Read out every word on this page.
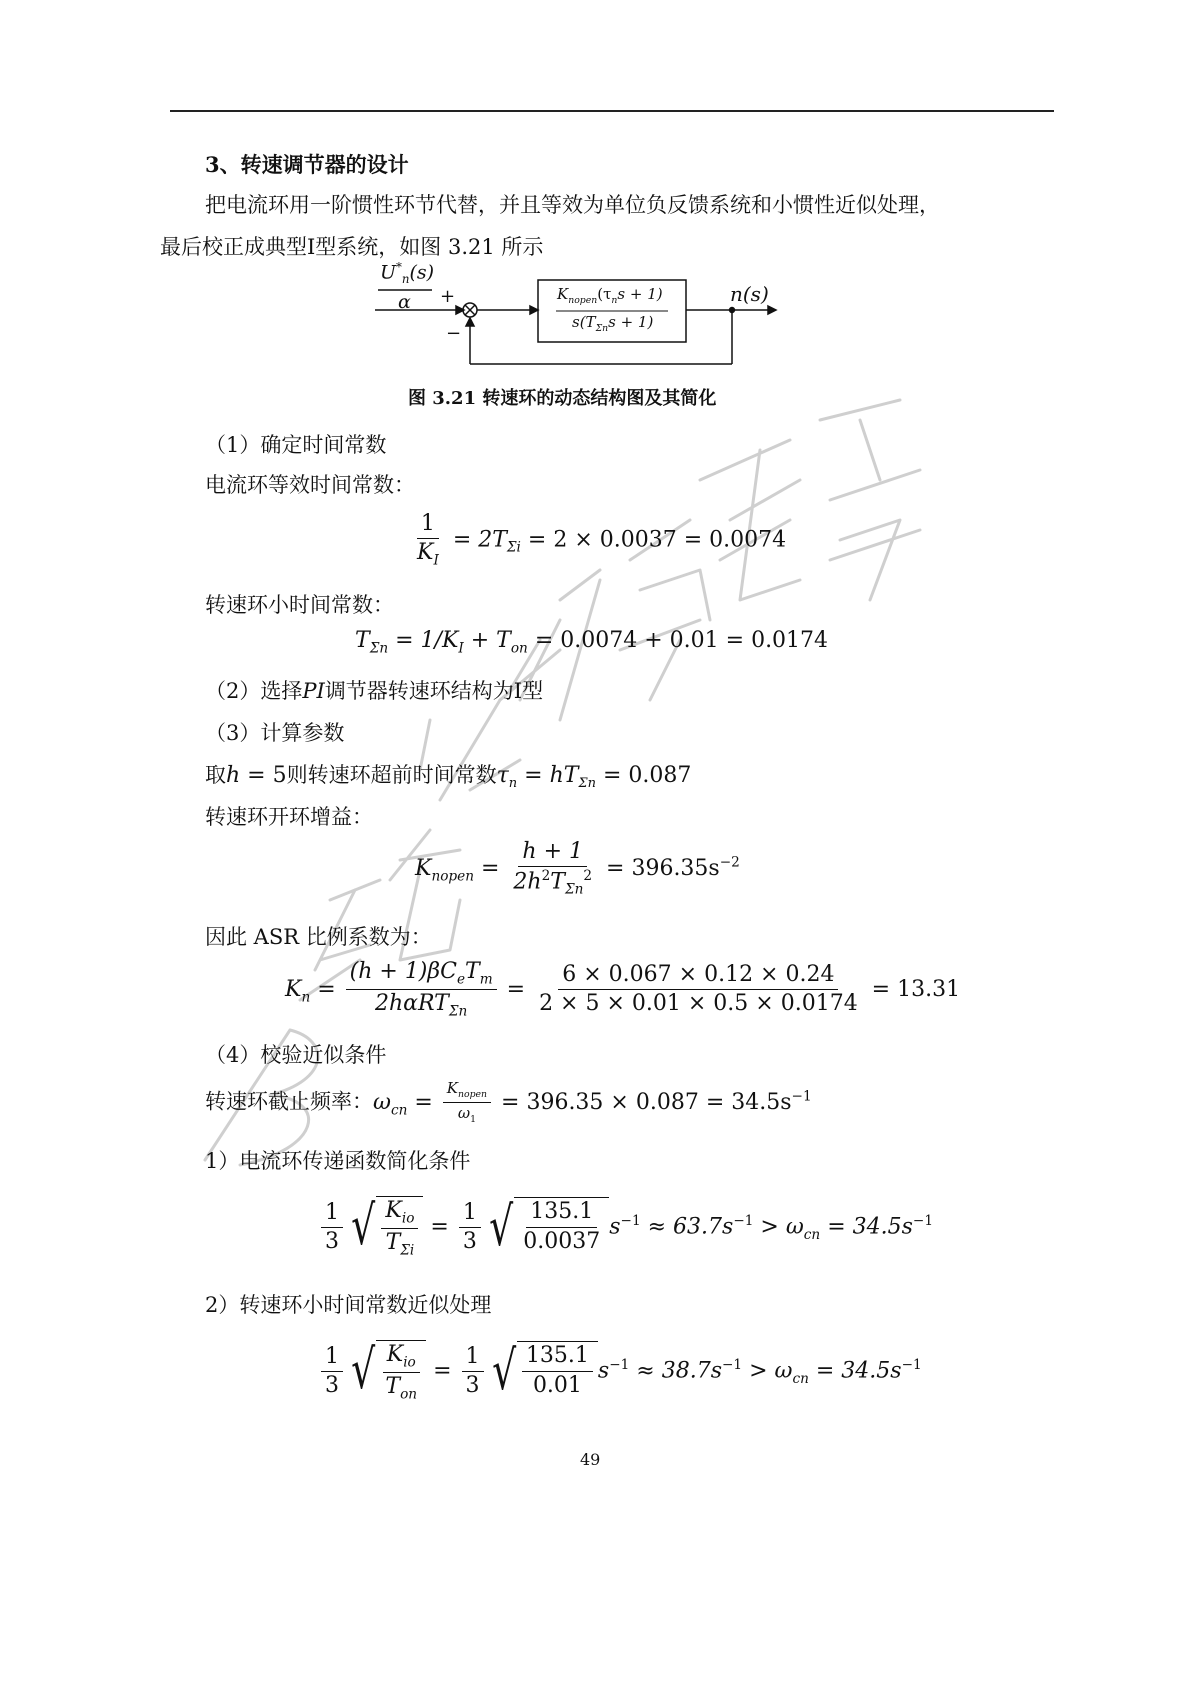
3、转速调节器的设计
把电流环用一阶惯性环节代替，并且等效为单位负反馈系统和小惯性近似处理，
最后校正成典型Ⅰ型系统，如图 3.21 所示
$U^*_n(s)$
α +
−
$K_{nopen}(\tau_ns + 1)$
$s(T_{\Sigma n}s + 1)$
n(s)
图 3.21 转速环的动态结构图及其简化
（1）确定时间常数
电流环等效时间常数：
$\frac{1}{K_I} = 2T_{\Sigma i} = 2 \times 0.0037 = 0.0074$
转速环小时间常数：
$T_{\Sigma n} = 1/K_I + T_{on} = 0.0074 + 0.01 = 0.0174$
（2）选择PI调节器转速环结构为Ⅰ型
（3）计算参数
取h = 5则转速环超前时间常数$\tau_n = hT_{\Sigma n} = 0.087$
转速环开环增益：
$K_{nopen} = \frac{h + 1}{2h^2T_{\Sigma n}^2} = 396.35s^{-2}$
因此 ASR 比例系数为：
$K_n = \frac{(h + 1)\beta C_eT_m}{2h\alpha RT_{\Sigma n}} = \frac{6 \times 0.067 \times 0.12 \times 0.24}{2 \times 5 \times 0.01 \times 0.5 \times 0.0174} = 13.31$
（4）校验近似条件
转速环截止频率：$\omega_{cn} = \frac{K_{nopen}}{\omega_1} = 396.35 \times 0.087 = 34.5s^{-1}$
1）电流环传递函数简化条件
$\frac{1}{3}$ √ $\frac{K_{io}}{T_{\Sigma i}} = \frac{1}{3}$ √ $\frac{135.1}{0.0037} s^{-1} \approx 63.7s^{-1} > \omega_{cn} = 34.5s^{-1}$
2）转速环小时间常数近似处理
$\frac{1}{3}$ √ $\frac{K_{io}}{T_{on}} = \frac{1}{3}$ √ $\frac{135.1}{0.01} s^{-1} \approx 38.7s^{-1} > \omega_{cn} = 34.5s^{-1}$
49
